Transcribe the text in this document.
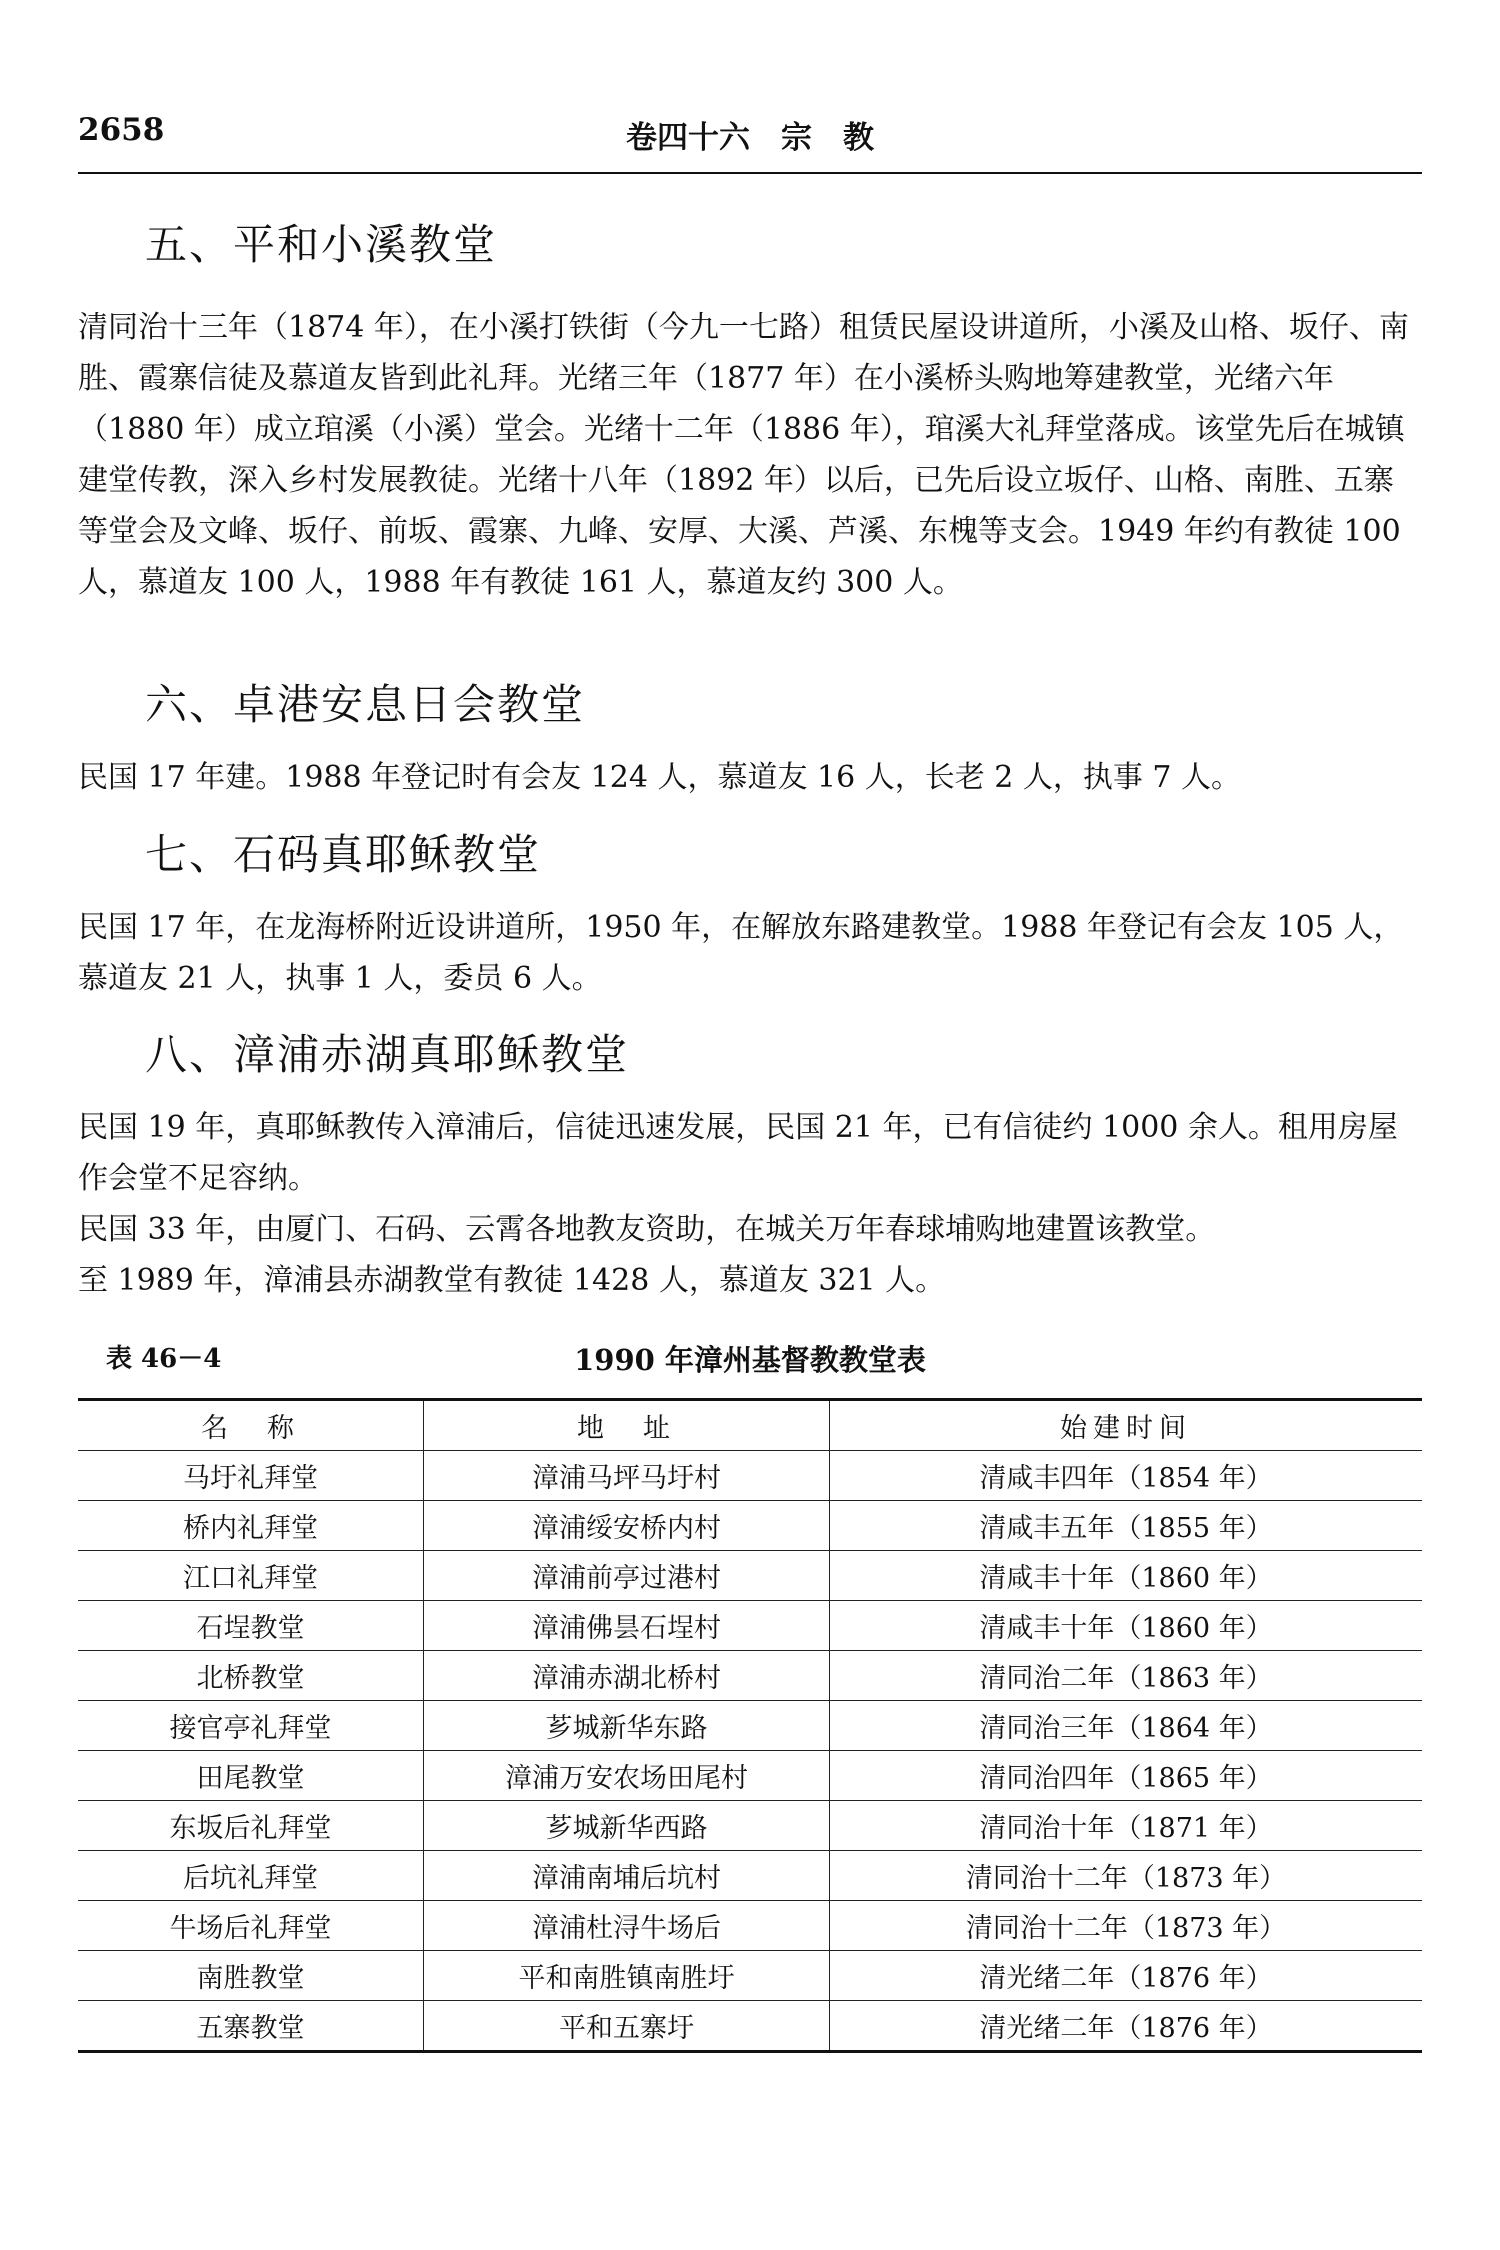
2658	卷四十六　宗　教
五、平和小溪教堂

清同治十三年（1874 年），在小溪打铁街（今九一七路）租赁民屋设讲道所，小溪及山格、坂仔、南胜、霞寨信徒及慕道友皆到此礼拜。光绪三年（1877 年）在小溪桥头购地筹建教堂，光绪六年（1880 年）成立琯溪（小溪）堂会。光绪十二年（1886 年），琯溪大礼拜堂落成。该堂先后在城镇建堂传教，深入乡村发展教徒。光绪十八年（1892 年）以后，已先后设立坂仔、山格、南胜、五寨等堂会及文峰、坂仔、前坂、霞寨、九峰、安厚、大溪、芦溪、东槐等支会。1949 年约有教徒 100 人，慕道友 100 人，1988 年有教徒 161 人，慕道友约 300 人。

六、卓港安息日会教堂

民国 17 年建。1988 年登记时有会友 124 人，慕道友 16 人，长老 2 人，执事 7 人。

七、石码真耶稣教堂

民国 17 年，在龙海桥附近设讲道所，1950 年，在解放东路建教堂。1988 年登记有会友 105 人，慕道友 21 人，执事 1 人，委员 6 人。

八、漳浦赤湖真耶稣教堂

民国 19 年，真耶稣教传入漳浦后，信徒迅速发展，民国 21 年，已有信徒约 1000 余人。租用房屋作会堂不足容纳。

民国 33 年，由厦门、石码、云霄各地教友资助，在城关万年春球埔购地建置该教堂。

至 1989 年，漳浦县赤湖教堂有教徒 1428 人，慕道友 321 人。

表 46－4	1990 年漳州基督教教堂表
名　称	地　址	始建时间
马圩礼拜堂	漳浦马坪马圩村	清咸丰四年（1854 年）
桥内礼拜堂	漳浦绥安桥内村	清咸丰五年（1855 年）
江口礼拜堂	漳浦前亭过港村	清咸丰十年（1860 年）
石埕教堂	漳浦佛昙石埕村	清咸丰十年（1860 年）
北桥教堂	漳浦赤湖北桥村	清同治二年（1863 年）
接官亭礼拜堂	芗城新华东路	清同治三年（1864 年）
田尾教堂	漳浦万安农场田尾村	清同治四年（1865 年）
东坂后礼拜堂	芗城新华西路	清同治十年（1871 年）
后坑礼拜堂	漳浦南埔后坑村	清同治十二年（1873 年）
牛场后礼拜堂	漳浦杜浔牛场后	清同治十二年（1873 年）
南胜教堂	平和南胜镇南胜圩	清光绪二年（1876 年）
五寨教堂	平和五寨圩	清光绪二年（1876 年）
